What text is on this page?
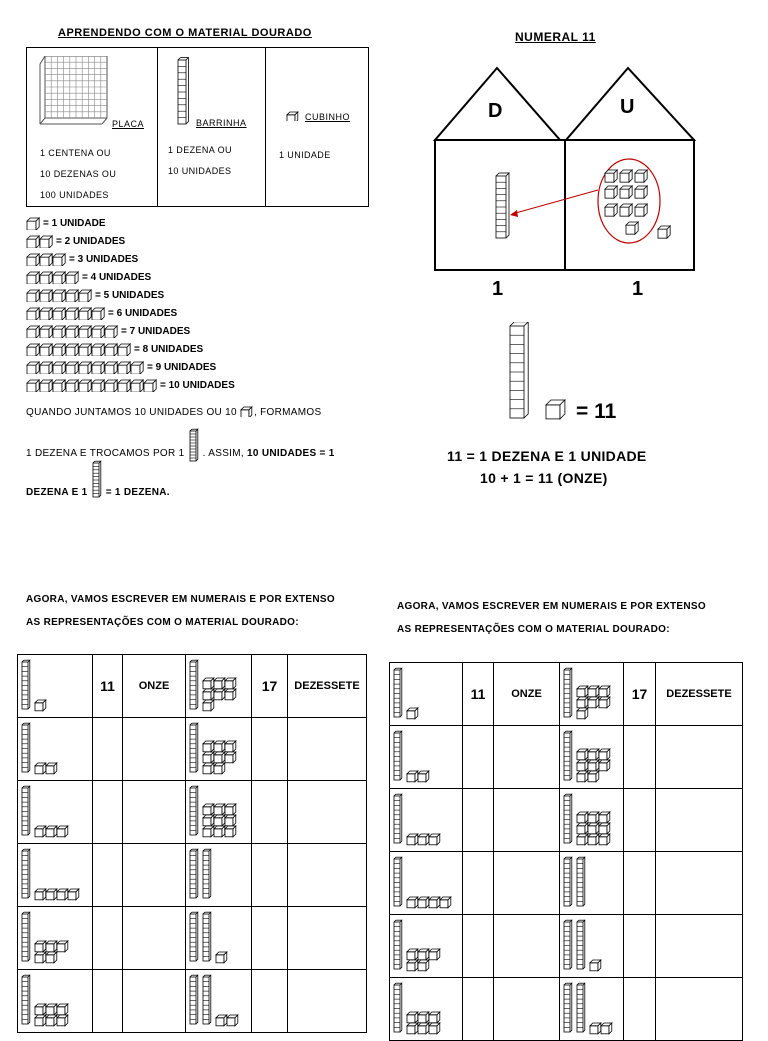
APRENDENDO COM O MATERIAL DOURADO
PLACA
1 CENTENA OU
10 DEZENAS OU
100 UNIDADES
BARRINHA
1 DEZENA OU
10 UNIDADES
CUBINHO
1 UNIDADE
= 1 UNIDADE
= 2 UNIDADES
= 3 UNIDADES
= 4 UNIDADES
= 5 UNIDADES
= 6 UNIDADES
= 7 UNIDADES
= 8 UNIDADES
= 9 UNIDADES
= 10 UNIDADES
QUANDO JUNTAMOS 10 UNIDADES OU 10 , FORMAMOS
1 DEZENA E TROCAMOS POR 1 . ASSIM, 10 UNIDADES = 1
DEZENA E 1 = 1 DEZENA.
NUMERAL 11
D	U
1	1
= 11
11 = 1 DEZENA E 1 UNIDADE
10 + 1 = 11 (ONZE)
AGORA, VAMOS ESCREVER EM NUMERAIS E POR EXTENSO
AS REPRESENTAÇÕES COM O MATERIAL DOURADO:
AGORA, VAMOS ESCREVER EM NUMERAIS E POR EXTENSO
AS REPRESENTAÇÕES COM O MATERIAL DOURADO:
	11	ONZE		17	DEZESSETE

		11	ONZE		17	DEZESSETE
